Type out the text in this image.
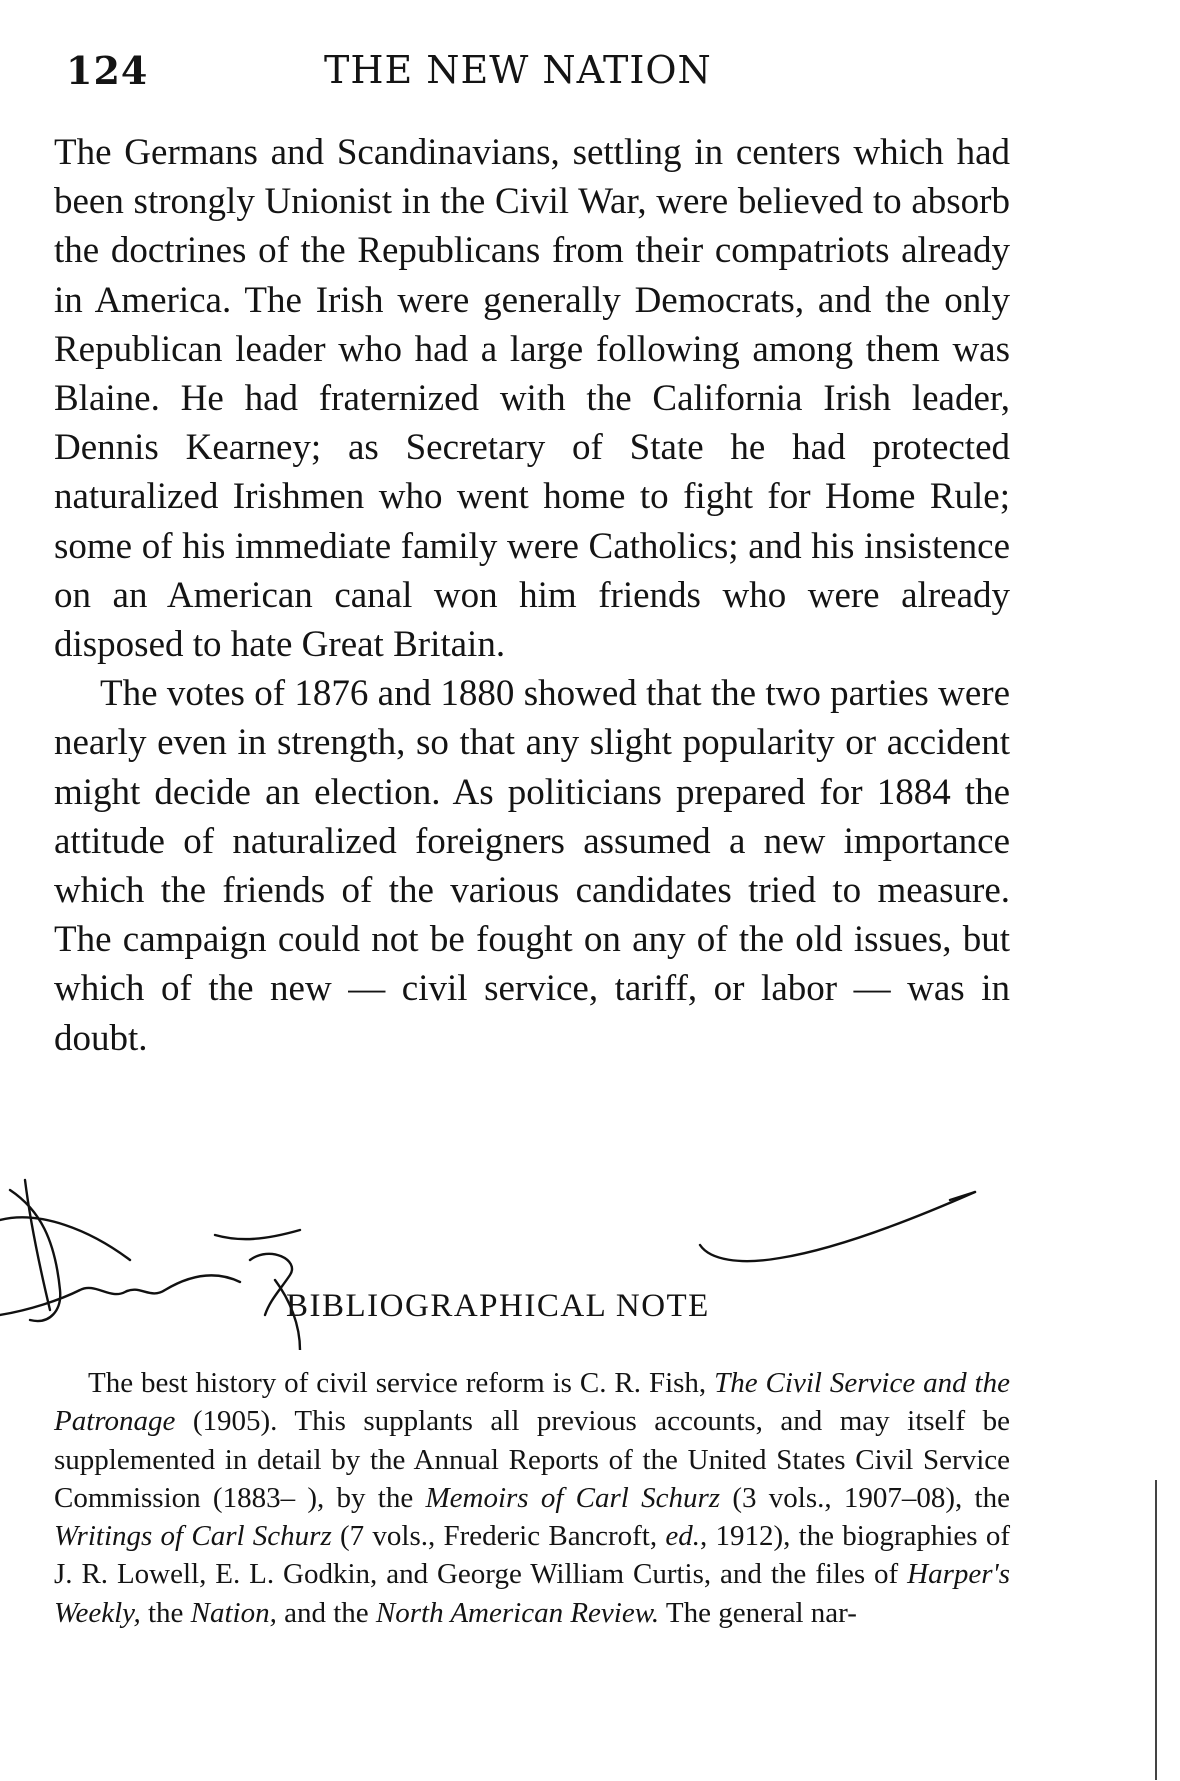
124	THE NEW NATION

The Germans and Scandinavians, settling in centers which had been strongly Unionist in the Civil War, were believed to absorb the doctrines of the Republicans from their compatriots already in America. The Irish were generally Democrats, and the only Republican leader who had a large following among them was Blaine. He had fraternized with the California Irish leader, Dennis Kearney; as Secretary of State he had protected naturalized Irishmen who went home to fight for Home Rule; some of his immediate family were Catholics; and his insistence on an American canal won him friends who were already disposed to hate Great Britain.

The votes of 1876 and 1880 showed that the two parties were nearly even in strength, so that any slight popularity or accident might decide an election. As politicians prepared for 1884 the attitude of naturalized foreigners assumed a new importance which the friends of the various candidates tried to measure. The campaign could not be fought on any of the old issues, but which of the new — civil service, tariff, or labor — was in doubt.

BIBLIOGRAPHICAL NOTE
The best history of civil service reform is C. R. Fish, The Civil Service and the Patronage (1905). This supplants all previous accounts, and may itself be supplemented in detail by the Annual Reports of the United States Civil Service Commission (1883– ), by the Memoirs of Carl Schurz (3 vols., 1907–08), the Writings of Carl Schurz (7 vols., Frederic Bancroft, ed., 1912), the biographies of J. R. Lowell, E. L. Godkin, and George William Curtis, and the files of Harper's Weekly, the Nation, and the North American Review. The general nar-
